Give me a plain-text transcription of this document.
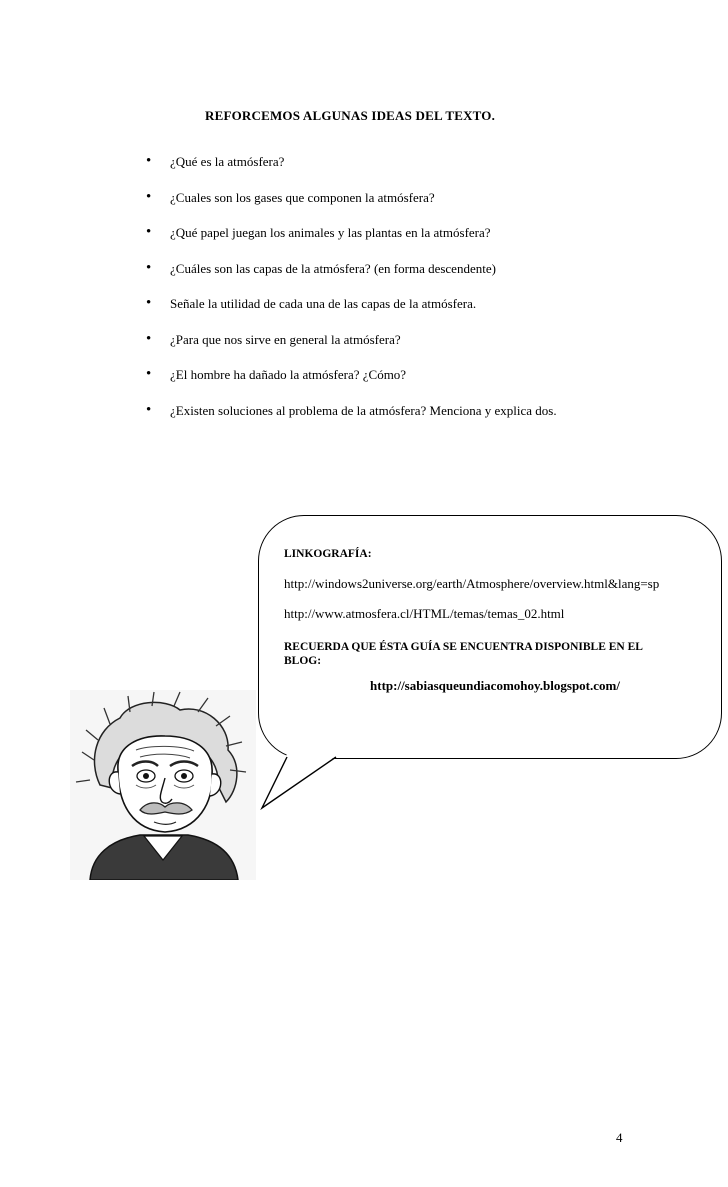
REFORCEMOS ALGUNAS IDEAS DEL TEXTO.
• ¿Qué es la atmósfera?
• ¿Cuales son los gases que componen la atmósfera?
• ¿Qué papel juegan los animales y las plantas en la atmósfera?
• ¿Cuáles son las capas de la atmósfera? (en forma descendente)
• Señale la utilidad de cada una de las capas de la atmósfera.
• ¿Para que nos sirve en general la atmósfera?
• ¿El hombre ha dañado la atmósfera? ¿Cómo?
• ¿Existen soluciones al problema de la atmósfera? Menciona y explica dos.
LINKOGRAFÍA:
http://windows2universe.org/earth/Atmosphere/overview.html&lang=sp
http://www.atmosfera.cl/HTML/temas/temas_02.html
RECUERDA QUE ÉSTA GUÍA SE ENCUENTRA DISPONIBLE EN EL BLOG:
http://sabiasqueundiacomohoy.blogspot.com/
4
